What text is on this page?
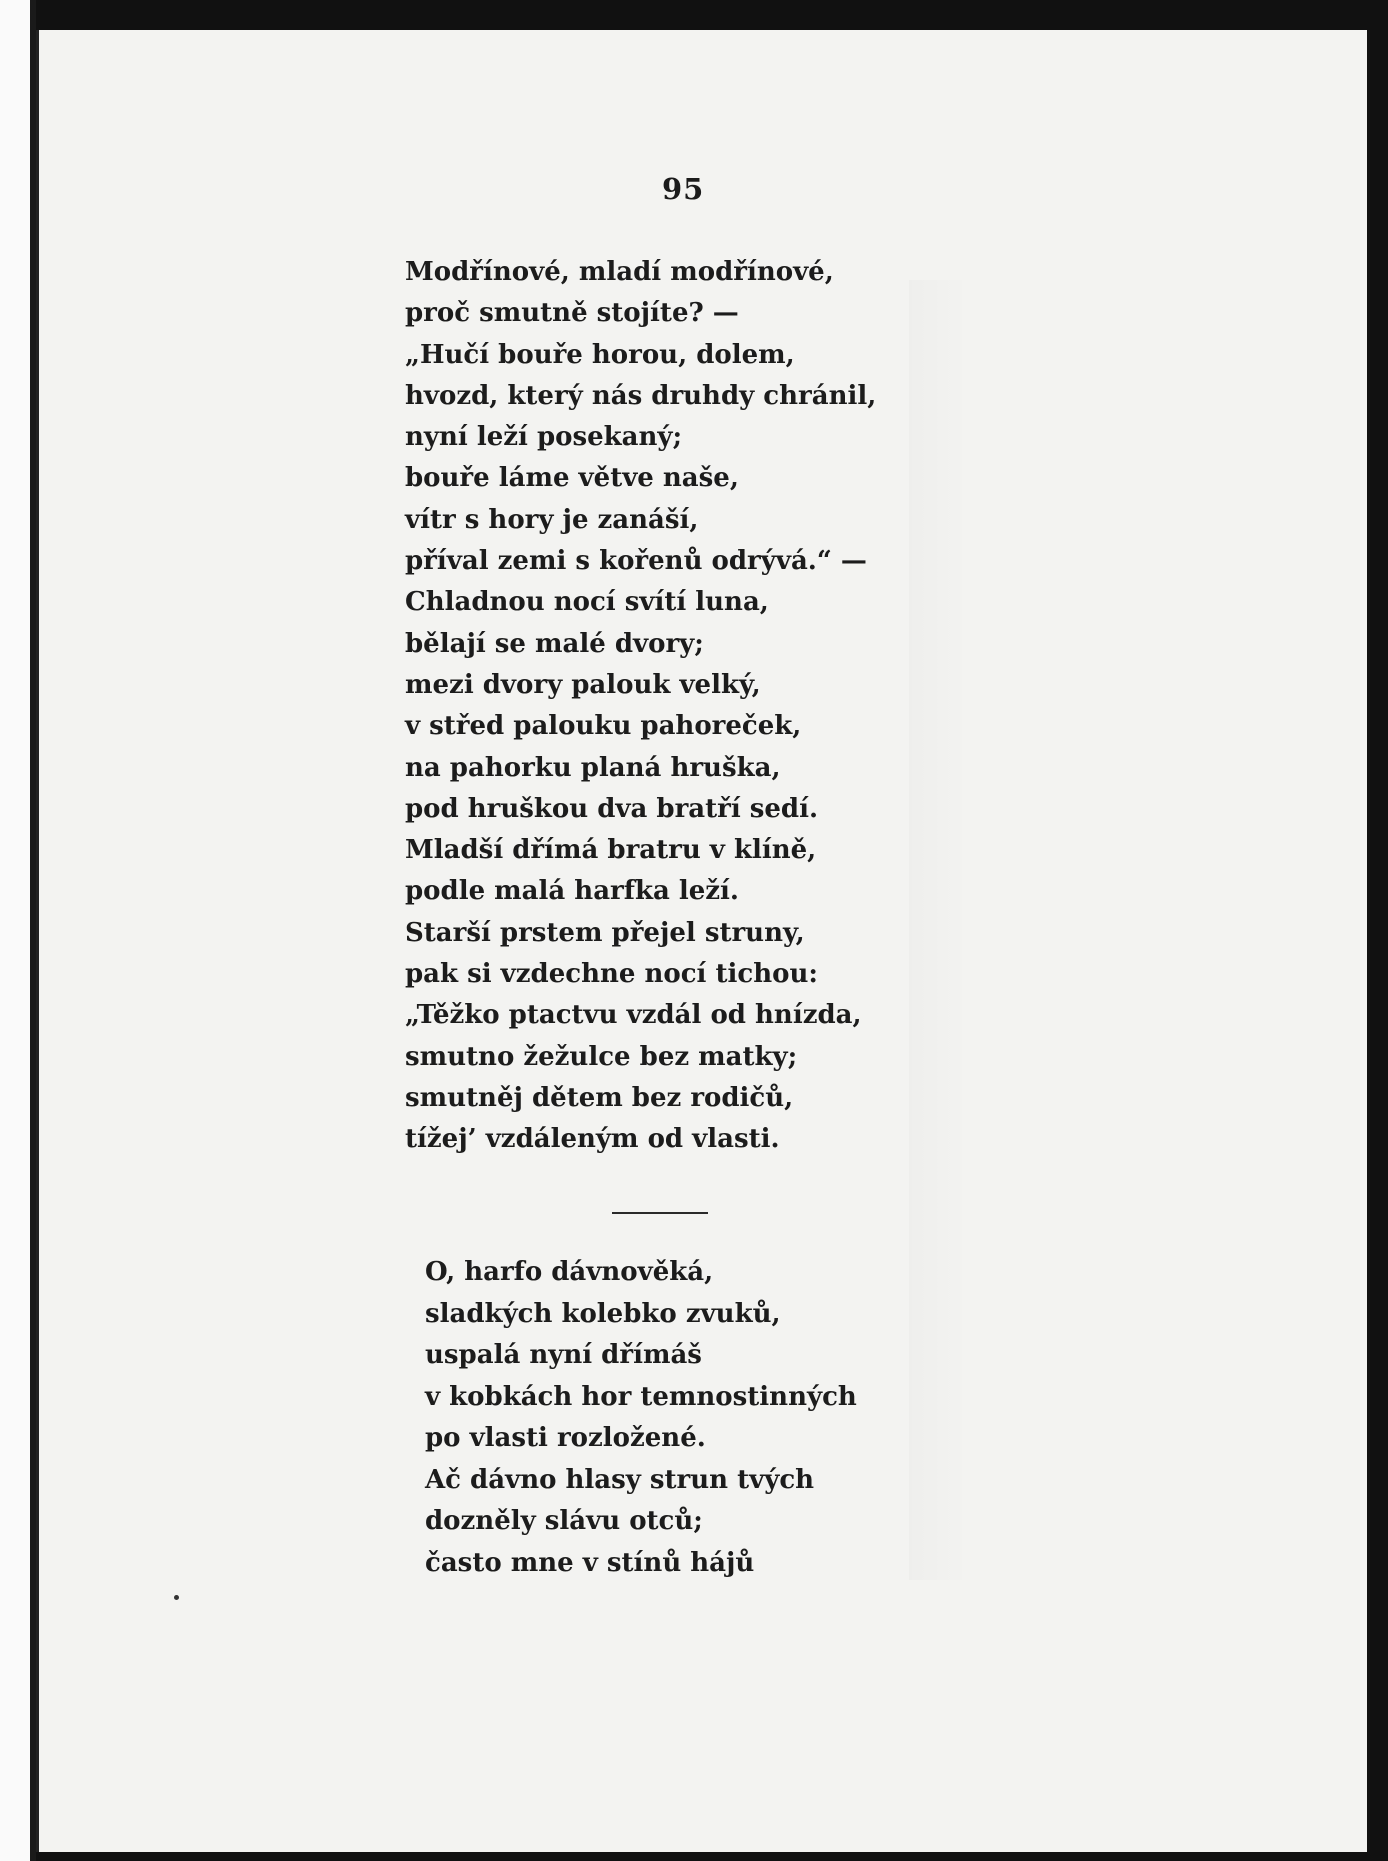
95
Modřínové, mladí modřínové,
proč smutně stojíte? —
„Hučí bouře horou, dolem,
hvozd, který nás druhdy chránil,
nyní leží posekaný;
bouře láme větve naše,
vítr s hory je zanáší,
příval zemi s kořenů odrývá.“ —
Chladnou nocí svítí luna,
bělají se malé dvory;
mezi dvory palouk velký,
v střed palouku pahoreček,
na pahorku planá hruška,
pod hruškou dva bratří sedí.
Mladší dřímá bratru v klíně,
podle malá harfka leží.
Starší prstem přejel struny,
pak si vzdechne nocí tichou:
„Těžko ptactvu vzdál od hnízda,
smutno žežulce bez matky;
smutněj dětem bez rodičů,
tížej’ vzdáleným od vlasti.
O, harfo dávnověká,
sladkých kolebko zvuků,
uspalá nyní dřímáš
v kobkách hor temnostinných
po vlasti rozložené.
Ač dávno hlasy strun tvých
dozněly slávu otců;
často mne v stínů hájů
